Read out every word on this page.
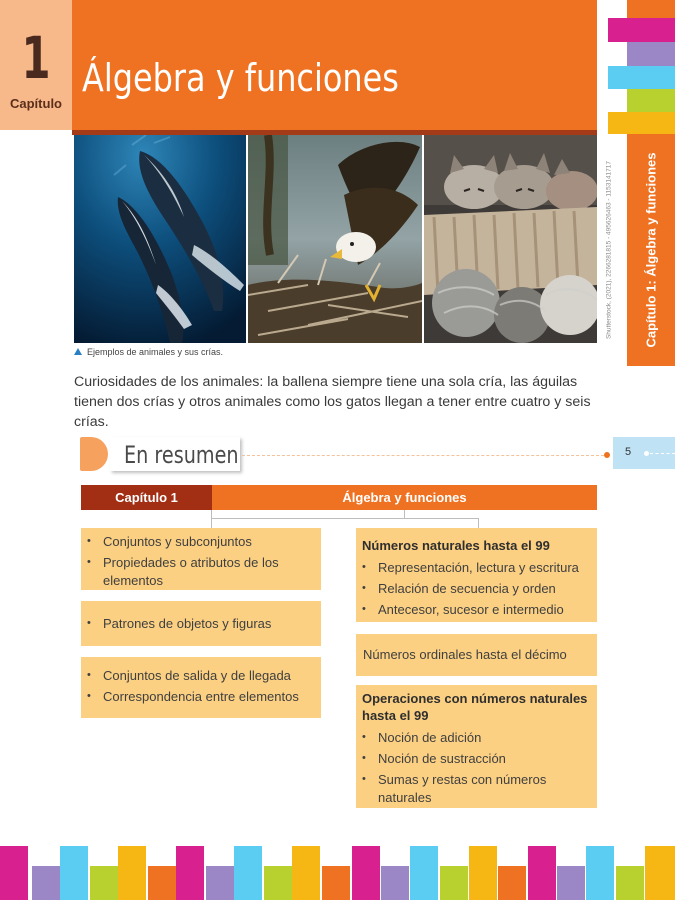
1
Capítulo
Álgebra y funciones
Capítulo 1: Álgebra y funciones
Shutterstock, (2021), 2266281815 - 495626463 - 1153141717
5
Ejemplos de animales y sus crías.

Curiosidades de los animales: la ballena siempre tiene una sola cría, las águilas tienen dos crías y otros animales como los gatos llegan a tener entre cuatro y seis crías.

En resumen
Capítulo 1	Álgebra y funciones
• Conjuntos y subconjuntos
• Propiedades o atributos de los elementos
• Patrones de objetos y figuras
• Conjuntos de salida y de llegada
• Correspondencia entre elementos
Números naturales hasta el 99
• Representación, lectura y escritura
• Relación de secuencia y orden
• Antecesor, sucesor e intermedio
Números ordinales hasta el décimo
Operaciones con números naturales hasta el 99
• Noción de adición
• Noción de sustracción
• Sumas y restas con números naturales
